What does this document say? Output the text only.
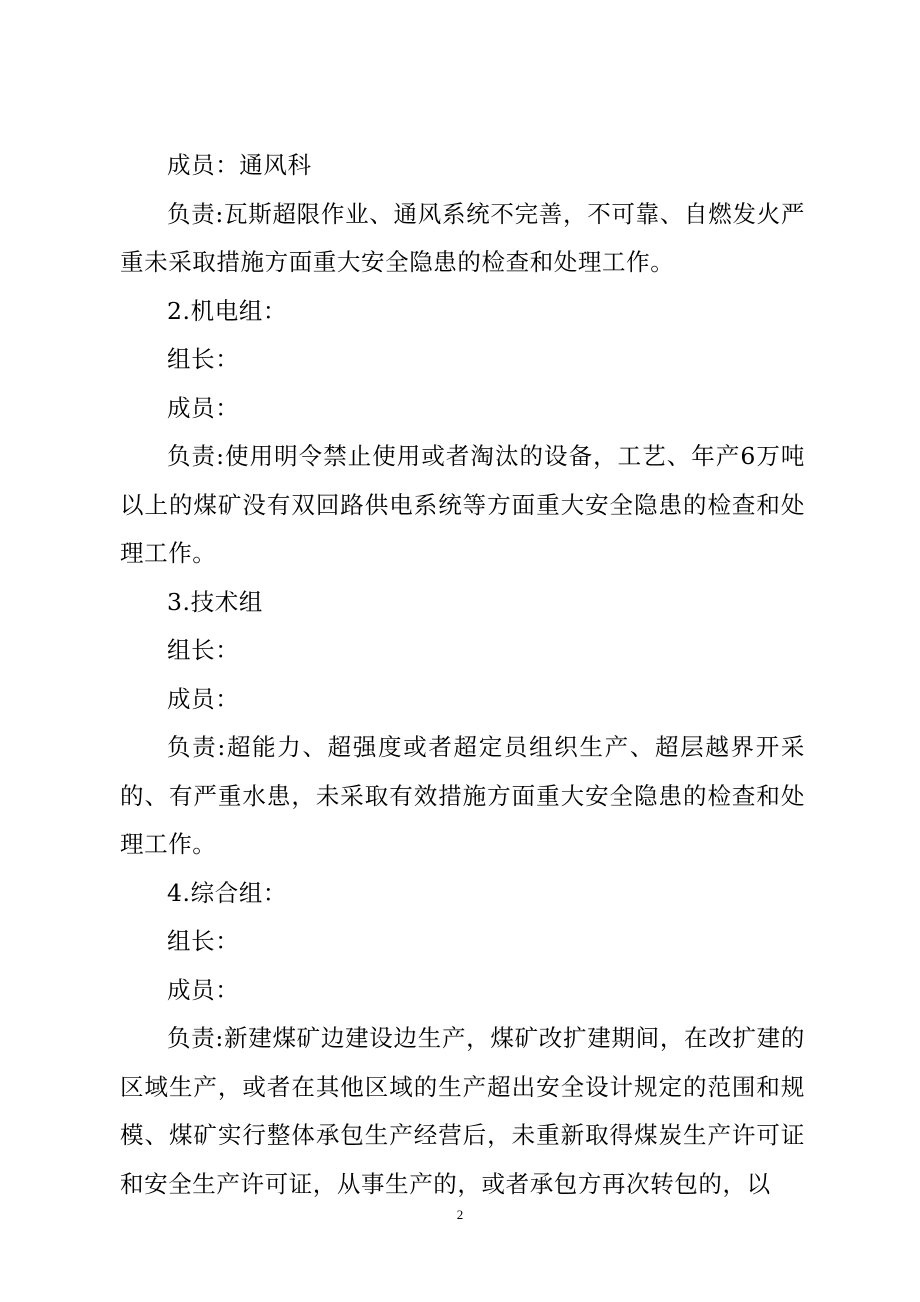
成员：通风科

负责:瓦斯超限作业、通风系统不完善，不可靠、自燃发火严重未采取措施方面重大安全隐患的检查和处理工作。

2.机电组：

组长：

成员：

负责:使用明令禁止使用或者淘汰的设备，工艺、年产6万吨以上的煤矿没有双回路供电系统等方面重大安全隐患的检查和处理工作。

3.技术组

组长：

成员：

负责:超能力、超强度或者超定员组织生产、超层越界开采的、有严重水患，未采取有效措施方面重大安全隐患的检查和处理工作。

4.综合组：

组长：

成员：

负责:新建煤矿边建设边生产，煤矿改扩建期间，在改扩建的区域生产，或者在其他区域的生产超出安全设计规定的范围和规模、煤矿实行整体承包生产经营后，未重新取得煤炭生产许可证和安全生产许可证，从事生产的，或者承包方再次转包的，以

2
